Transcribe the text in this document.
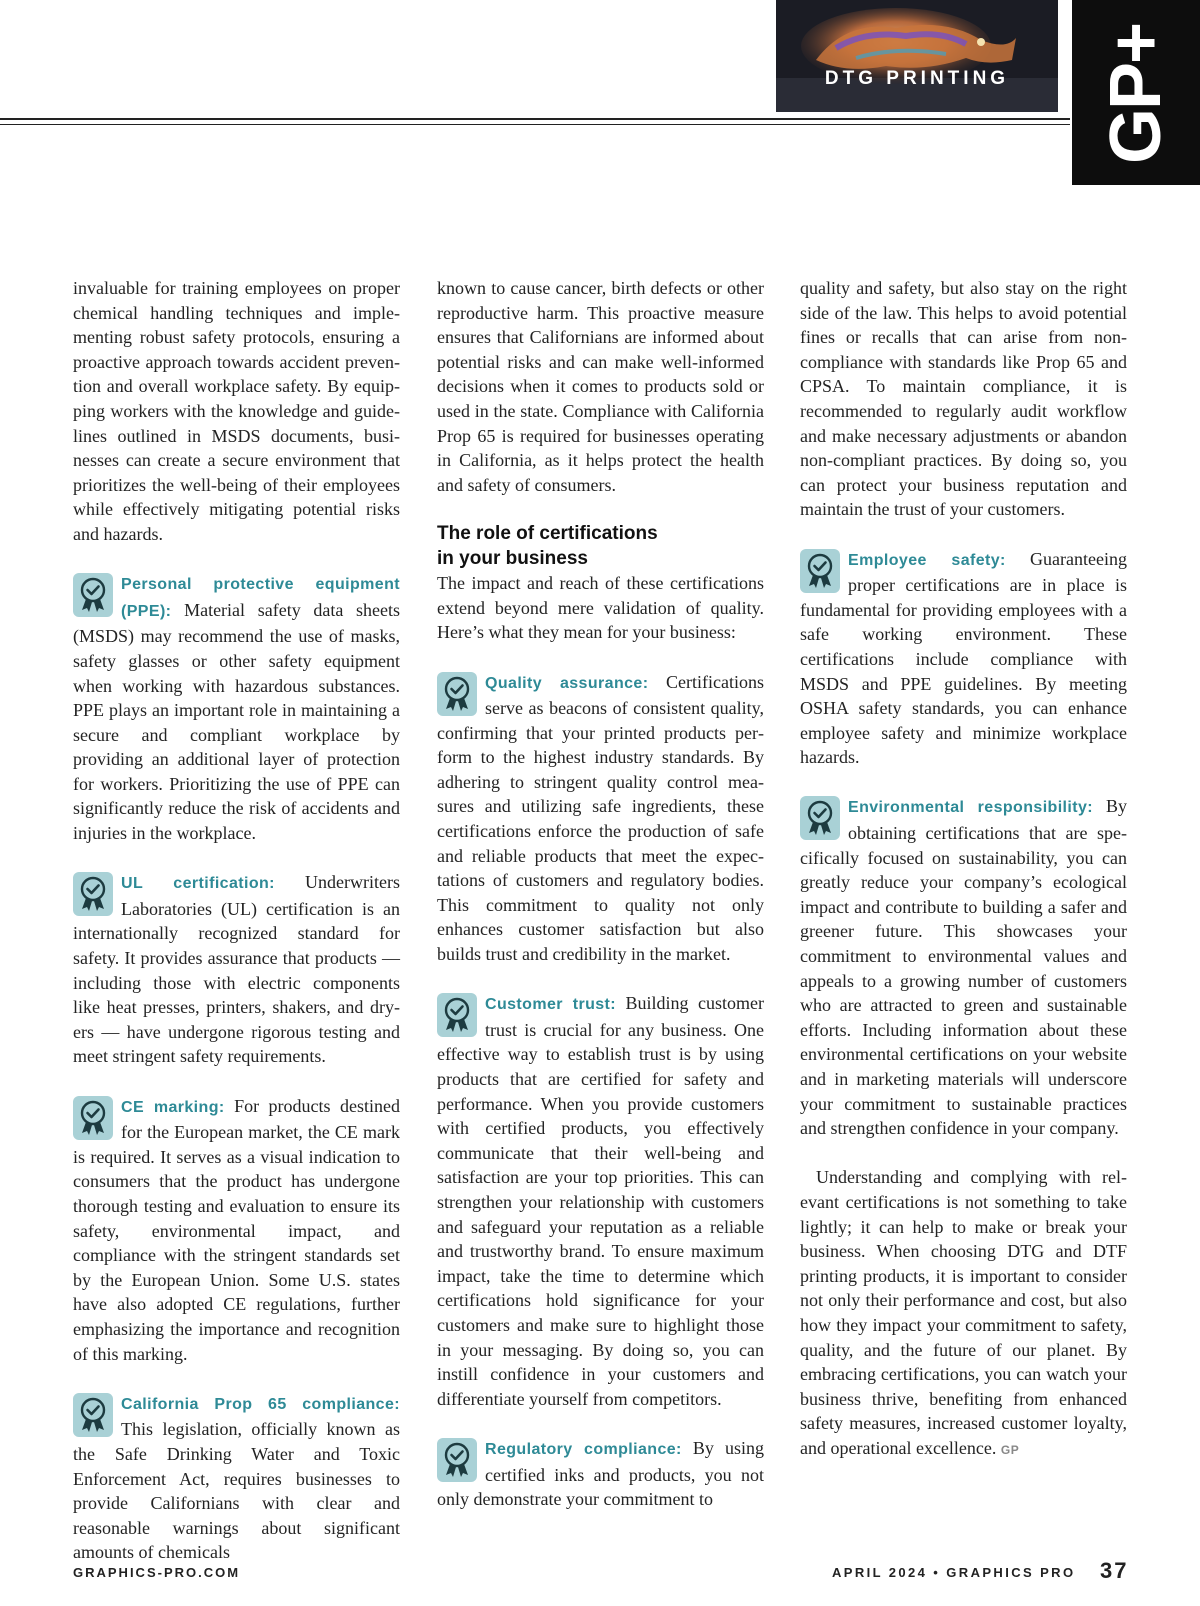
DTG PRINTING	GP+

invaluable for training employees on proper chemical handling techniques and implementing robust safety protocols, ensuring a proactive approach towards accident prevention and overall workplace safety. By equipping workers with the knowledge and guidelines outlined in MSDS documents, businesses can create a secure environment that prioritizes the well-being of their employees while effectively mitigating potential risks and hazards.

Personal protective equipment (PPE): Material safety data sheets (MSDS) may recommend the use of masks, safety glasses or other safety equipment when working with hazardous substances. PPE plays an important role in maintaining a secure and compliant workplace by providing an additional layer of protection for workers. Prioritizing the use of PPE can significantly reduce the risk of accidents and injuries in the workplace.
UL certification: Underwriters Laboratories (UL) certification is an internationally recognized standard for safety. It provides assurance that products — including those with electric components like heat presses, printers, shakers, and dryers — have undergone rigorous testing and meet stringent safety requirements.
CE marking: For products destined for the European market, the CE mark is required. It serves as a visual indication to consumers that the product has undergone thorough testing and evaluation to ensure its safety, environmental impact, and compliance with the stringent standards set by the European Union. Some U.S. states have also adopted CE regulations, further emphasizing the importance and recognition of this marking.
California Prop 65 compliance: This legislation, officially known as the Safe Drinking Water and Toxic Enforcement Act, requires businesses to provide Californians with clear and reasonable warnings about significant amounts of chemicals

known to cause cancer, birth defects or other reproductive harm. This proactive measure ensures that Californians are informed about potential risks and can make well-informed decisions when it comes to products sold or used in the state. Compliance with California Prop 65 is required for businesses operating in California, as it helps protect the health and safety of consumers.

The role of certifications in your business

The impact and reach of these certifications extend beyond mere validation of quality. Here’s what they mean for your business:

Quality assurance: Certifications serve as beacons of consistent quality, confirming that your printed products perform to the highest industry standards. By adhering to stringent quality control measures and utilizing safe ingredients, these certifications enforce the production of safe and reliable products that meet the expectations of customers and regulatory bodies. This commitment to quality not only enhances customer satisfaction but also builds trust and credibility in the market.
Customer trust: Building customer trust is crucial for any business. One effective way to establish trust is by using products that are certified for safety and performance. When you provide customers with certified products, you effectively communicate that their well-being and satisfaction are your top priorities. This can strengthen your relationship with customers and safeguard your reputation as a reliable and trustworthy brand. To ensure maximum impact, take the time to determine which certifications hold significance for your customers and make sure to highlight those in your messaging. By doing so, you can instill confidence in your customers and differentiate yourself from competitors.
Regulatory compliance: By using certified inks and products, you not only demonstrate your commitment to

quality and safety, but also stay on the right side of the law. This helps to avoid potential fines or recalls that can arise from non-compliance with standards like Prop 65 and CPSA. To maintain compliance, it is recommended to regularly audit workflow and make necessary adjustments or abandon non-compliant practices. By doing so, you can protect your business reputation and maintain the trust of your customers.

Employee safety: Guaranteeing proper certifications are in place is fundamental for providing employees with a safe working environment. These certifications include compliance with MSDS and PPE guidelines. By meeting OSHA safety standards, you can enhance employee safety and minimize workplace hazards.
Environmental responsibility: By obtaining certifications that are specifically focused on sustainability, you can greatly reduce your company’s ecological impact and contribute to building a safer and greener future. This showcases your commitment to environmental values and appeals to a growing number of customers who are attracted to green and sustainable efforts. Including information about these environmental certifications on your website and in marketing materials will underscore your commitment to sustainable practices and strengthen confidence in your company.

Understanding and complying with relevant certifications is not something to take lightly; it can help to make or break your business. When choosing DTG and DTF printing products, it is important to consider not only their performance and cost, but also how they impact your commitment to safety, quality, and the future of our planet. By embracing certifications, you can watch your business thrive, benefiting from enhanced safety measures, increased customer loyalty, and operational excellence. GP

GRAPHICS-PRO.COM	APRIL 2024 • GRAPHICS PRO 37
